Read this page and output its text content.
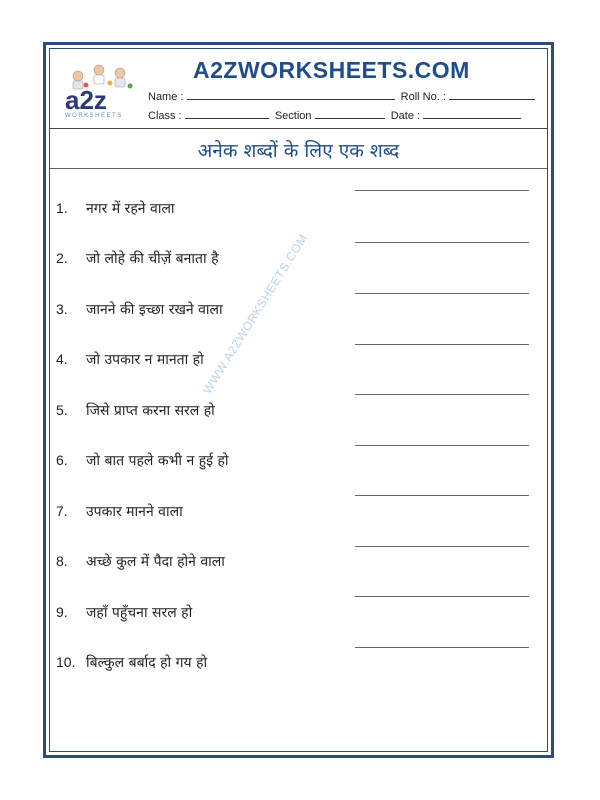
a2z
WORKSHEETS
A2ZWORKSHEETS.COM
Name :	Roll No. :
Class :	Section	Date :
अनेक शब्दों के लिए एक शब्द
1. नगर में रहने वाला
2. जो लोहे की चीज़ें बनाता है
3. जानने की इच्छा रखने वाला
4. जो उपकार न मानता हो
5. जिसे प्राप्त करना सरल हो
6. जो बात पहले कभी न हुई हो
7. उपकार मानने वाला
8. अच्छे कुल में पैदा होने वाला
9. जहाँ पहुँचना सरल हो
10. बिल्कुल बर्बाद हो गय हो
WWW.A2ZWORKSHEETS.COM
